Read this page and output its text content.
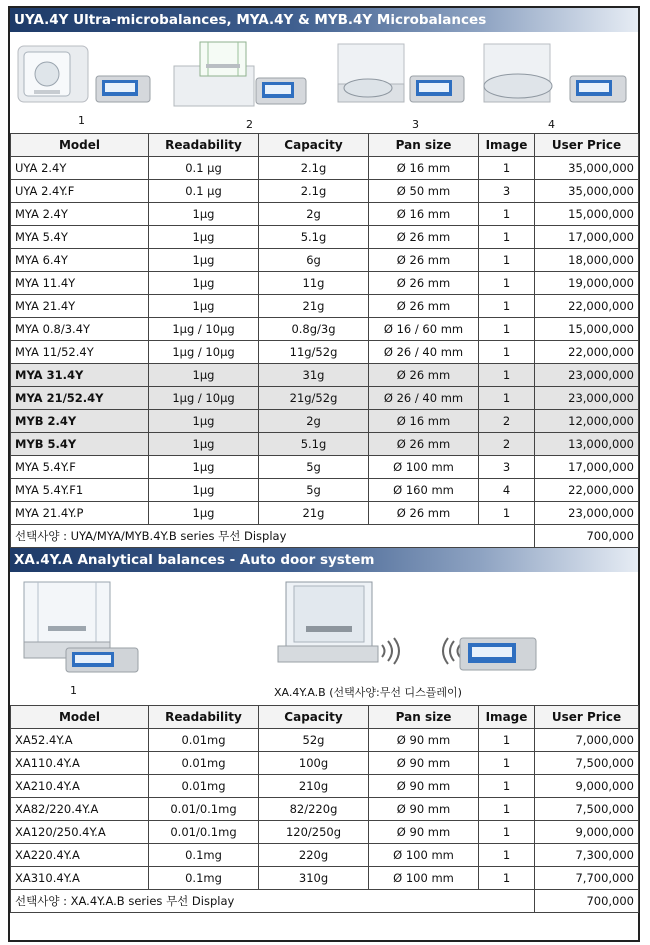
UYA.4Y Ultra-microbalances, MYA.4Y & MYB.4Y Microbalances
1	2	3	4
Model	Readability	Capacity	Pan size	Image	User Price
UYA 2.4Y	0.1 µg	2.1g	Ø 16 mm	1	35,000,000
UYA 2.4Y.F	0.1 µg	2.1g	Ø 50 mm	3	35,000,000
MYA 2.4Y	1µg	2g	Ø 16 mm	1	15,000,000
MYA 5.4Y	1µg	5.1g	Ø 26 mm	1	17,000,000
MYA 6.4Y	1µg	6g	Ø 26 mm	1	18,000,000
MYA 11.4Y	1µg	11g	Ø 26 mm	1	19,000,000
MYA 21.4Y	1µg	21g	Ø 26 mm	1	22,000,000
MYA 0.8/3.4Y	1µg / 10µg	0.8g/3g	Ø 16 / 60 mm	1	15,000,000
MYA 11/52.4Y	1µg / 10µg	11g/52g	Ø 26 / 40 mm	1	22,000,000
MYA 31.4Y	1µg	31g	Ø 26 mm	1	23,000,000
MYA 21/52.4Y	1µg / 10µg	21g/52g	Ø 26 / 40 mm	1	23,000,000
MYB 2.4Y	1µg	2g	Ø 16 mm	2	12,000,000
MYB 5.4Y	1µg	5.1g	Ø 26 mm	2	13,000,000
MYA 5.4Y.F	1µg	5g	Ø 100 mm	3	17,000,000
MYA 5.4Y.F1	1µg	5g	Ø 160 mm	4	22,000,000
MYA 21.4Y.P	1µg	21g	Ø 26 mm	1	23,000,000
선택사양 : UYA/MYA/MYB.4Y.B series 무선 Display					700,000
XA.4Y.A Analytical balances - Auto door system
1	XA.4Y.A.B (선택사양:무선 디스플레이)
Model	Readability	Capacity	Pan size	Image	User Price
XA52.4Y.A	0.01mg	52g	Ø 90 mm	1	7,000,000
XA110.4Y.A	0.01mg	100g	Ø 90 mm	1	7,500,000
XA210.4Y.A	0.01mg	210g	Ø 90 mm	1	9,000,000
XA82/220.4Y.A	0.01/0.1mg	82/220g	Ø 90 mm	1	7,500,000
XA120/250.4Y.A	0.01/0.1mg	120/250g	Ø 90 mm	1	9,000,000
XA220.4Y.A	0.1mg	220g	Ø 100 mm	1	7,300,000
XA310.4Y.A	0.1mg	310g	Ø 100 mm	1	7,700,000
선택사양 : XA.4Y.A.B series 무선 Display					700,000
